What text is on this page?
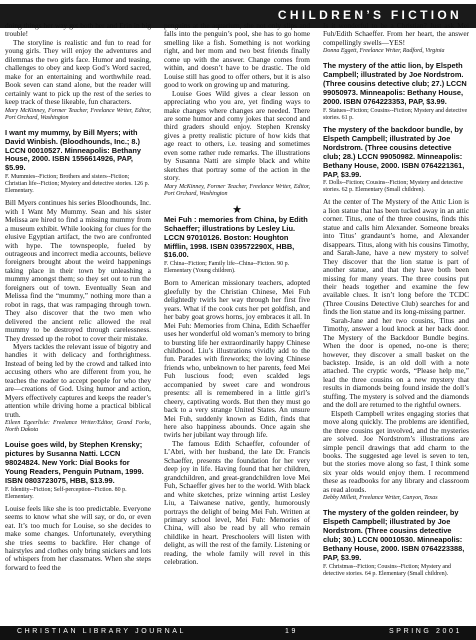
CHILDREN’S FICTION

doing things her way get both her and Erin in big trouble!

The storyline is realistic and fun to read for young girls. They will enjoy the adventures and dilemmas the two girls face. Humor and teasing, challenges to obey and keep God’s Word sacred, make for an entertaining and worthwhile read. Book seven can stand alone, but the reader will certainly want to pick up the rest of the series to keep track of these likeable, fun characters.

Mary McKinney, Former Teacher, Freelance Writer, Editor, Port Orchard, Washington

I want my mummy, by Bill Myers; with David Winbish. (Bloodhounds, Inc.; 8.) LCCN 00010527. Minneapolis: Bethany House, 2000. ISBN 1556614926, PAP, $5.99.

F. Mummies--Fiction; Brothers and sisters--Fiction; Christian life--Fiction; Mystery and detective stories. 126 p. Elementary.

Bill Myers continues his series Bloodhounds, Inc. with I Want My Mummy. Sean and his sister Melissa are hired to find a missing mummy from a museum exhibit. While looking for clues for the elusive Egyptian artifact, the two are confronted with hype. The townspeople, fueled by outrageous and incorrect media accounts, believe foreigners brought about the weird happenings taking place in their town by unleashing a mummy amongst them; so they set out to run the foreigners out of town. Eventually Sean and Melissa find the “mummy,” nothing more than a robot in rags, that was rampaging through town. They also discover that the two men who delivered the ancient relic allowed the real mummy to be destroyed through carelessness. They dressed up the robot to cover their mistake.

Myers tackles the relevant issue of bigotry and handles it with delicacy and forthrightness. Instead of being led by the crowd and talked into accusing others who are different from you, he teaches the reader to accept people for who they are—creations of God. Using humor and action, Myers effectively captures and keeps the reader’s attention while driving home a practical biblical truth.

Eileen Egeerlisle: Freelance Writer/Editor, Grand Forks, North Dakota

Louise goes wild, by Stephen Krensky; pictures by Susanna Natti. LCCN 98024824. New York: Dial Books for Young Readers, Penguin Putnam, 1999. ISBN 0803723075, HBB, $13.99.

F. Identity--Fiction; Self-perception--Fiction. 80 p. Elementary.

Louise feels like she is too predictable. Everyone seems to know what she will say, or do, or even eat. It’s too much for Louise, so she decides to make some changes. Unfortunately, everything she tries seems to backfire. Her change of hairstyles and clothes only bring snickers and lots of whispers from her classmates. When she steps forward to feed the

penguins at the aquarium, she not only slips and falls into the penguin’s pool, she has to go home smelling like a fish. Something is not working right, and her mom and two best friends finally come up with the answer. Change comes from within, and doesn’t have to be drastic. The old Louise still has good to offer others, but it is also good to work on growing up and maturing.

Louise Goes Wild gives a clear lesson on appreciating who you are, yet finding ways to make changes where changes are needed. There are some humor and comy jokes that second and third graders should enjoy. Stephen Krensky gives a pretty realistic picture of how kids that age react to others, i.e. teasing and sometimes even some rather rude remarks. The illustrations by Susanna Natti are simple black and white sketches that portray some of the action in the story.

Mary McKinney, Former Teacher, Freelance Writer, Editor, Port Orchard, Washington

★

Mei Fuh : memories from China, by Edith Schaeffer; illustrations by Lesley Liu. LCCN 97010126. Boston: Houghton Mifflin, 1998. ISBN 039572290X, HBB, $16.00.

F. China--Fiction; Family life--China--Fiction. 90 p. Elementary (Young children).

Born to American missionary teachers, adopted gleefully by the Christian Chinese, Mei Fuh delightedly twirls her way through her first five years. What if the cook cuts her pet goldfish, and her baby goat grows horns, joy embraces it all. In Mei Fuh: Memories from China, Edith Schaeffer uses her wonderful old woman’s memory to bring to bursting life her extraordinarily happy Chinese childhood. Liu’s illustrations vividly add to the fun. Parades with fireworks; the loving Chinese friends who, unbeknown to her parents, feed Mei Fuh luscious food; even scalded legs accompanied by sweet care and wondrous presents: all is remembered in a little girl’s cheery, captivating words. But then they must go back to a very strange United States. An unsure Mei Fuh, suddenly known as Edith, finds that here also happiness abounds. Once again she twirls her jubilant way through life.

The famous Edith Schaeffer, cofounder of L’Abri, with her husband, the late Dr. Francis Schaeffer, presents the foundation for her very deep joy in life. Having found that her children, grandchildren, and great-grandchildren love Mei Fuh, Schaeffer gives her to the world. With black and white sketches, prize winning artist Lesley Liu, a Taiwanese native, gently, humorously portrays the delight of being Mei Fuh. Written at primary school level, Mei Fuh: Memories of China, will also be read by all who remain childlike in heart. Preschoolers will listen with delight, as will the rest of the family. Listening or reading, the whole family will revel in this celebration.

Is it wonderful to be a Christian? Just ask Mei Fuh/Edith Schaeffer. From her heart, the answer compellingly swells—YES!

Donna Eggett, Freelance Writer, Radford, Virginia

The mystery of the attic lion, by Elspeth Campbell; illustrated by Joe Nordstrom. (Three cousins detective club; 27.) LCCN 99050973. Minneapolis: Bethany House, 2000. ISBN 0764223353, PAP, $3.99.

F. Statues--Fiction; Cousins--Fiction; Mystery and detective stories. 61 p.

The mystery of the backdoor bundle, by Elspeth Campbell; illustrated by Joe Nordstrom. (Three cousins detective club; 28.) LCCN 99050982. Minneapolis: Bethany House, 2000. ISBN 0764221361, PAP, $3.99.

F. Dolls--Fiction; Cousins--Fiction; Mystery and detective stories. 62 p. Elementary (Small children).

At the center of The Mystery of the Attic Lion is a lion statue that has been tucked away in an attic corner. Titus, one of the three cousins, finds this statue and calls him Alexander. Someone breaks into Titus’ grandaunt’s home, and Alexander disappears. Titus, along with his cousins Timothy, and Sarah-Jane, have a new mystery to solve! They discover that the lion statue is part of another statue, and that they have both been missing for many years. The three cousins put their heads together and examine the few available clues. It isn’t long before the TCDC (Three Cousins Detective Club) searches for and finds the lion statue and its long-missing partner.

Sarah-Jane and her two cousins, Titus and Timothy, answer a loud knock at her back door. The Mystery of the Backdoor Bundle begins. When the door is opened, no-one is there; however, they discover a small basket on the backstep. Inside, is an old doll with a note attached. The cryptic words, “Please help me,” lead the three cousins on a new mystery that results in diamonds being found inside the doll’s stuffing. The mystery is solved and the diamonds and the doll are returned to the rightful owners.

Elspeth Campbell writes engaging stories that move along quickly. The problems are identified, the three cousins get involved, and the mysteries are solved. Joe Nordstrom’s illustrations are simple pencil drawings that add charm to the books. The suggested age level is seven to ten, but the stories move along so fast, I think some six year olds would enjoy them. I recommend these as readbooks for any library and classroom as read alouds.

Debby Millett, Freelance Writer, Canyon, Texas

The mystery of the golden reindeer, by Elspeth Campbell; illustrated by Joe Nordstrom. (Three cousins detective club; 30.) LCCN 00010530. Minneapolis: Bethany House, 2000. ISBN 0764223388, PAP, $3.99.

F. Christmas--Fiction; Cousins--Fiction; Mystery and detective stories. 64 p. Elementary (Small children).

CHRISTIAN LIBRARY JOURNAL	19	SPRING 2001
